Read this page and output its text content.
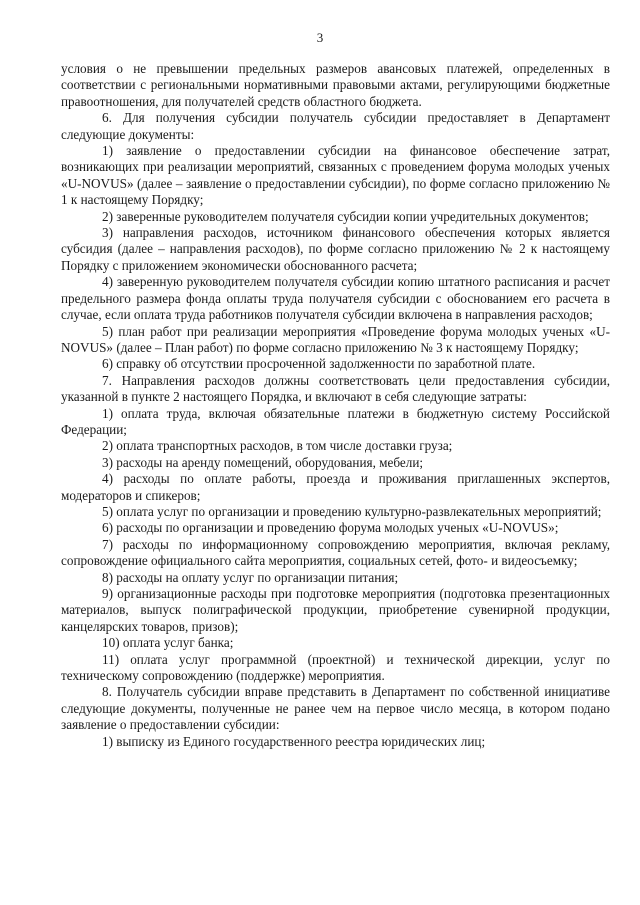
3

условия о не превышении предельных размеров авансовых платежей, определенных в соответствии с региональными нормативными правовыми актами, регулирующими бюджетные правоотношения, для получателей средств областного бюджета.

6. Для получения субсидии получатель субсидии предоставляет в Департамент следующие документы:

1) заявление о предоставлении субсидии на финансовое обеспечение затрат, возникающих при реализации мероприятий, связанных с проведением форума молодых ученых «U-NOVUS» (далее – заявление о предоставлении субсидии), по форме согласно приложению № 1 к настоящему Порядку;

2) заверенные руководителем получателя субсидии копии учредительных документов;

3) направления расходов, источником финансового обеспечения которых является субсидия (далее – направления расходов), по форме согласно приложению № 2 к настоящему Порядку с приложением экономически обоснованного расчета;

4) заверенную руководителем получателя субсидии копию штатного расписания и расчет предельного размера фонда оплаты труда получателя субсидии с обоснованием его расчета в случае, если оплата труда работников получателя субсидии включена в направления расходов;

5) план работ при реализации мероприятия «Проведение форума молодых ученых «U-NOVUS» (далее – План работ) по форме согласно приложению № 3 к настоящему Порядку;

6) справку об отсутствии просроченной задолженности по заработной плате.

7. Направления расходов должны соответствовать цели предоставления субсидии, указанной в пункте 2 настоящего Порядка, и включают в себя следующие затраты:

1) оплата труда, включая обязательные платежи в бюджетную систему Российской Федерации;

2) оплата транспортных расходов, в том числе доставки груза;

3) расходы на аренду помещений, оборудования, мебели;

4) расходы по оплате работы, проезда и проживания приглашенных экспертов, модераторов и спикеров;

5) оплата услуг по организации и проведению культурно-развлекательных мероприятий;

6) расходы по организации и проведению форума молодых ученых «U-NOVUS»;

7) расходы по информационному сопровождению мероприятия, включая рекламу, сопровождение официального сайта мероприятия, социальных сетей, фото- и видеосъемку;

8) расходы на оплату услуг по организации питания;

9) организационные расходы при подготовке мероприятия (подготовка презентационных материалов, выпуск полиграфической продукции, приобретение сувенирной продукции, канцелярских товаров, призов);

10) оплата услуг банка;

11) оплата услуг программной (проектной) и технической дирекции, услуг по техническому сопровождению (поддержке) мероприятия.

8. Получатель субсидии вправе представить в Департамент по собственной инициативе следующие документы, полученные не ранее чем на первое число месяца, в котором подано заявление о предоставлении субсидии:

1) выписку из Единого государственного реестра юридических лиц;
